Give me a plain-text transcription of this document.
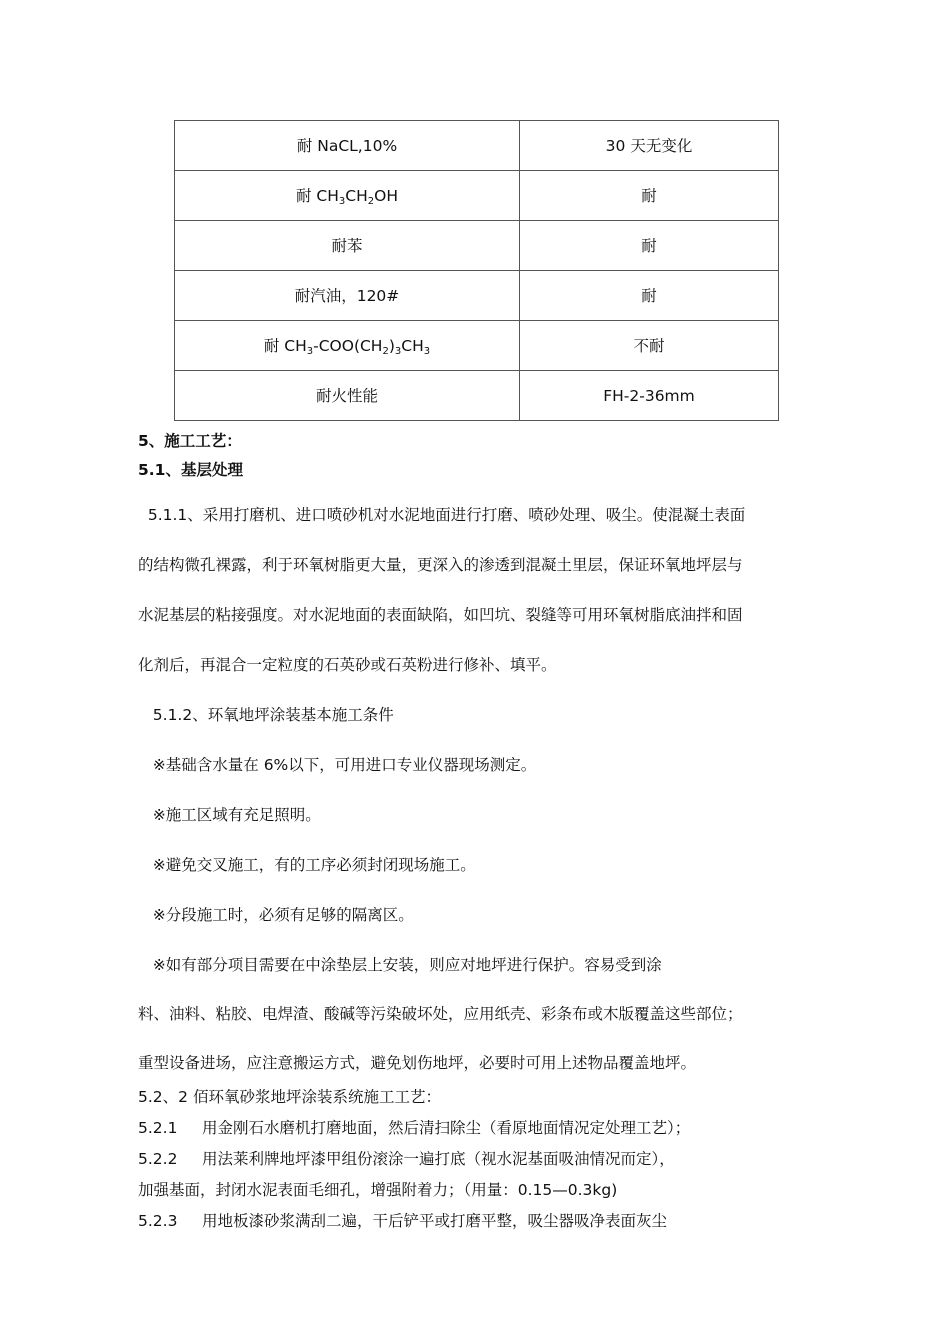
耐 NaCL,10%	30 天无变化
耐 $CH_3CH_2OH$	耐
耐苯	耐
耐汽油，120#	耐
耐 $CH_3-COO(CH_2)_3CH_3$	不耐
耐火性能	FH-2-36mm
5、施工工艺：
5.1、基层处理
5.1.1、采用打磨机、进口喷砂机对水泥地面进行打磨、喷砂处理、吸尘。使混凝土表面
的结构微孔裸露，利于环氧树脂更大量，更深入的渗透到混凝土里层，保证环氧地坪层与
水泥基层的粘接强度。对水泥地面的表面缺陷，如凹坑、裂缝等可用环氧树脂底油拌和固
化剂后，再混合一定粒度的石英砂或石英粉进行修补、填平。
5.1.2、环氧地坪涂装基本施工条件
※基础含水量在 6%以下，可用进口专业仪器现场测定。
※施工区域有充足照明。
※避免交叉施工，有的工序必须封闭现场施工。
※分段施工时，必须有足够的隔离区。
※如有部分项目需要在中涂垫层上安装，则应对地坪进行保护。容易受到涂
料、油料、粘胶、电焊渣、酸碱等污染破坏处，应用纸壳、彩条布或木版覆盖这些部位；
重型设备进场，应注意搬运方式，避免划伤地坪，必要时可用上述物品覆盖地坪。
5.2、2 佰环氧砂浆地坪涂装系统施工工艺：
5.2.1 用金刚石水磨机打磨地面，然后清扫除尘（看原地面情况定处理工艺）；
5.2.2 用法莱利牌地坪漆甲组份滚涂一遍打底（视水泥基面吸油情况而定），
加强基面，封闭水泥表面毛细孔，增强附着力；（用量：0.15—0.3kg)
5.2.3 用地板漆砂浆满刮二遍，干后铲平或打磨平整，吸尘器吸净表面灰尘
